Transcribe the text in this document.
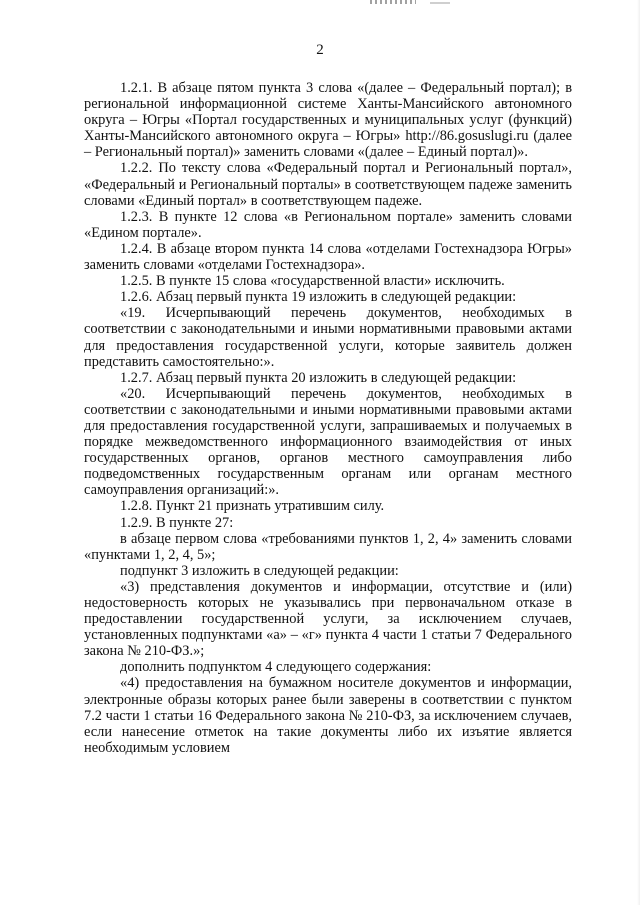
2

1.2.1. В абзаце пятом пункта 3 слова «(далее – Федеральный портал); в региональной информационной системе Ханты-Мансийского автономного округа – Югры «Портал государственных и муниципальных услуг (функций) Ханты-Мансийского автономного округа – Югры» http://86.gosuslugi.ru (далее – Региональный портал)» заменить словами «(далее – Единый портал)».

1.2.2. По тексту слова «Федеральный портал и Региональный портал», «Федеральный и Региональный порталы» в соответствующем падеже заменить словами «Единый портал» в соответствующем падеже.

1.2.3. В пункте 12 слова «в Региональном портале» заменить словами «Едином портале».

1.2.4. В абзаце втором пункта 14 слова «отделами Гостехнадзора Югры» заменить словами «отделами Гостехнадзора».

1.2.5. В пункте 15 слова «государственной власти» исключить.

1.2.6. Абзац первый пункта 19 изложить в следующей редакции:

«19. Исчерпывающий перечень документов, необходимых в соответствии с законодательными и иными нормативными правовыми актами для предоставления государственной услуги, которые заявитель должен представить самостоятельно:».

1.2.7. Абзац первый пункта 20 изложить в следующей редакции:

«20. Исчерпывающий перечень документов, необходимых в соответствии с законодательными и иными нормативными правовыми актами для предоставления государственной услуги, запрашиваемых и получаемых в порядке межведомственного информационного взаимодействия от иных государственных органов, органов местного самоуправления либо подведомственных государственным органам или органам местного самоуправления организаций:».

1.2.8. Пункт 21 признать утратившим силу.

1.2.9. В пункте 27:

в абзаце первом слова «требованиями пунктов 1, 2, 4» заменить словами «пунктами 1, 2, 4, 5»;

подпункт 3 изложить в следующей редакции:

«3) представления документов и информации, отсутствие и (или) недостоверность которых не указывались при первоначальном отказе в предоставлении государственной услуги, за исключением случаев, установленных подпунктами «а» – «г» пункта 4 части 1 статьи 7 Федерального закона № 210-ФЗ.»;

дополнить подпунктом 4 следующего содержания:

«4) предоставления на бумажном носителе документов и информации, электронные образы которых ранее были заверены в соответствии с пунктом 7.2 части 1 статьи 16 Федерального закона № 210-ФЗ, за исключением случаев, если нанесение отметок на такие документы либо их изъятие является необходимым условием
